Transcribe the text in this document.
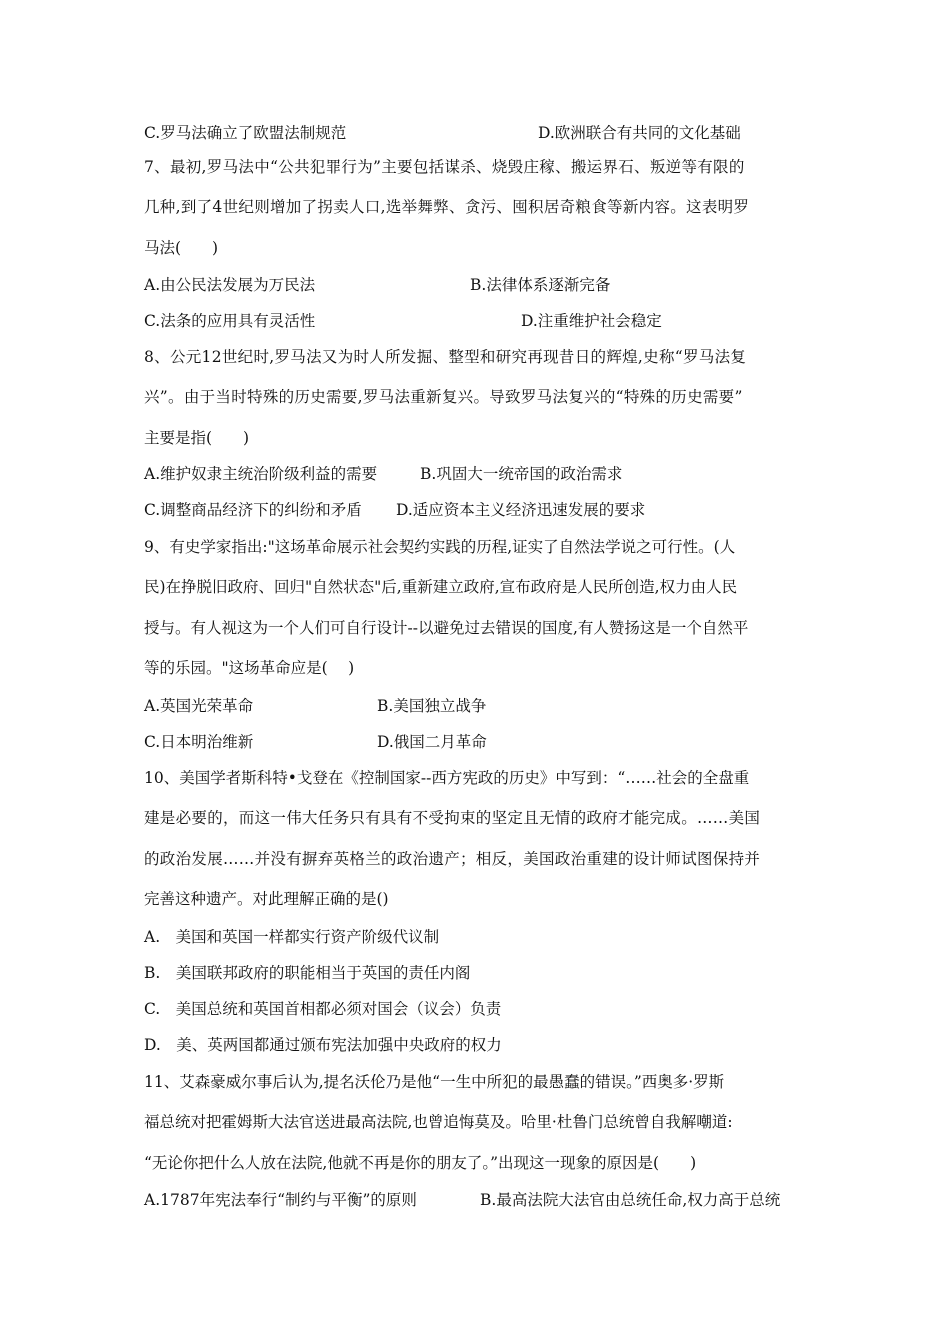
C.罗马法确立了欧盟法制规范	D.欧洲联合有共同的文化基础
7、最初,罗马法中“公共犯罪行为”主要包括谋杀、烧毁庄稼、搬运界石、叛逆等有限的
几种,到了4世纪则增加了拐卖人口,选举舞弊、贪污、囤积居奇粮食等新内容。这表明罗
马法(　　)
A.由公民法发展为万民法	B.法律体系逐渐完备
C.法条的应用具有灵活性	D.注重维护社会稳定
8、公元12世纪时,罗马法又为时人所发掘、整型和研究再现昔日的辉煌,史称“罗马法复
兴”。由于当时特殊的历史需要,罗马法重新复兴。导致罗马法复兴的“特殊的历史需要”
主要是指(　　)
A.维护奴隶主统治阶级利益的需要	B.巩固大一统帝国的政治需求
C.调整商品经济下的纠纷和矛盾 D.适应资本主义经济迅速发展的要求
9、有史学家指出:"这场革命展示社会契约实践的历程,证实了自然法学说之可行性。(人
民)在挣脱旧政府、回归"自然状态"后,重新建立政府,宣布政府是人民所创造,权力由人民
授与。有人视这为一个人们可自行设计--以避免过去错误的国度,有人赞扬这是一个自然平
等的乐园。"这场革命应是(　 )
A.英国光荣革命	B.美国独立战争
C.日本明治维新	D.俄国二月革命
10、美国学者斯科特•戈登在《控制国家--西方宪政的历史》中写到：“……社会的全盘重
建是必要的，而这一伟大任务只有具有不受拘束的坚定且无情的政府才能完成。……美国
的政治发展……并没有摒弃英格兰的政治遗产；相反，美国政治重建的设计师试图保持并
完善这种遗产。对此理解正确的是()
A.　美国和英国一样都实行资产阶级代议制
B.　美国联邦政府的职能相当于英国的责任内阁
C.　美国总统和英国首相都必须对国会（议会）负责
D.　美、英两国都通过颁布宪法加强中央政府的权力
11、艾森豪威尔事后认为,提名沃伦乃是他“一生中所犯的最愚蠢的错误。”西奥多·罗斯
福总统对把霍姆斯大法官送进最高法院,也曾追悔莫及。哈里·杜鲁门总统曾自我解嘲道:
“无论你把什么人放在法院,他就不再是你的朋友了。”出现这一现象的原因是(　　)
A.1787年宪法奉行“制约与平衡”的原则	B.最高法院大法官由总统任命,权力高于总统
